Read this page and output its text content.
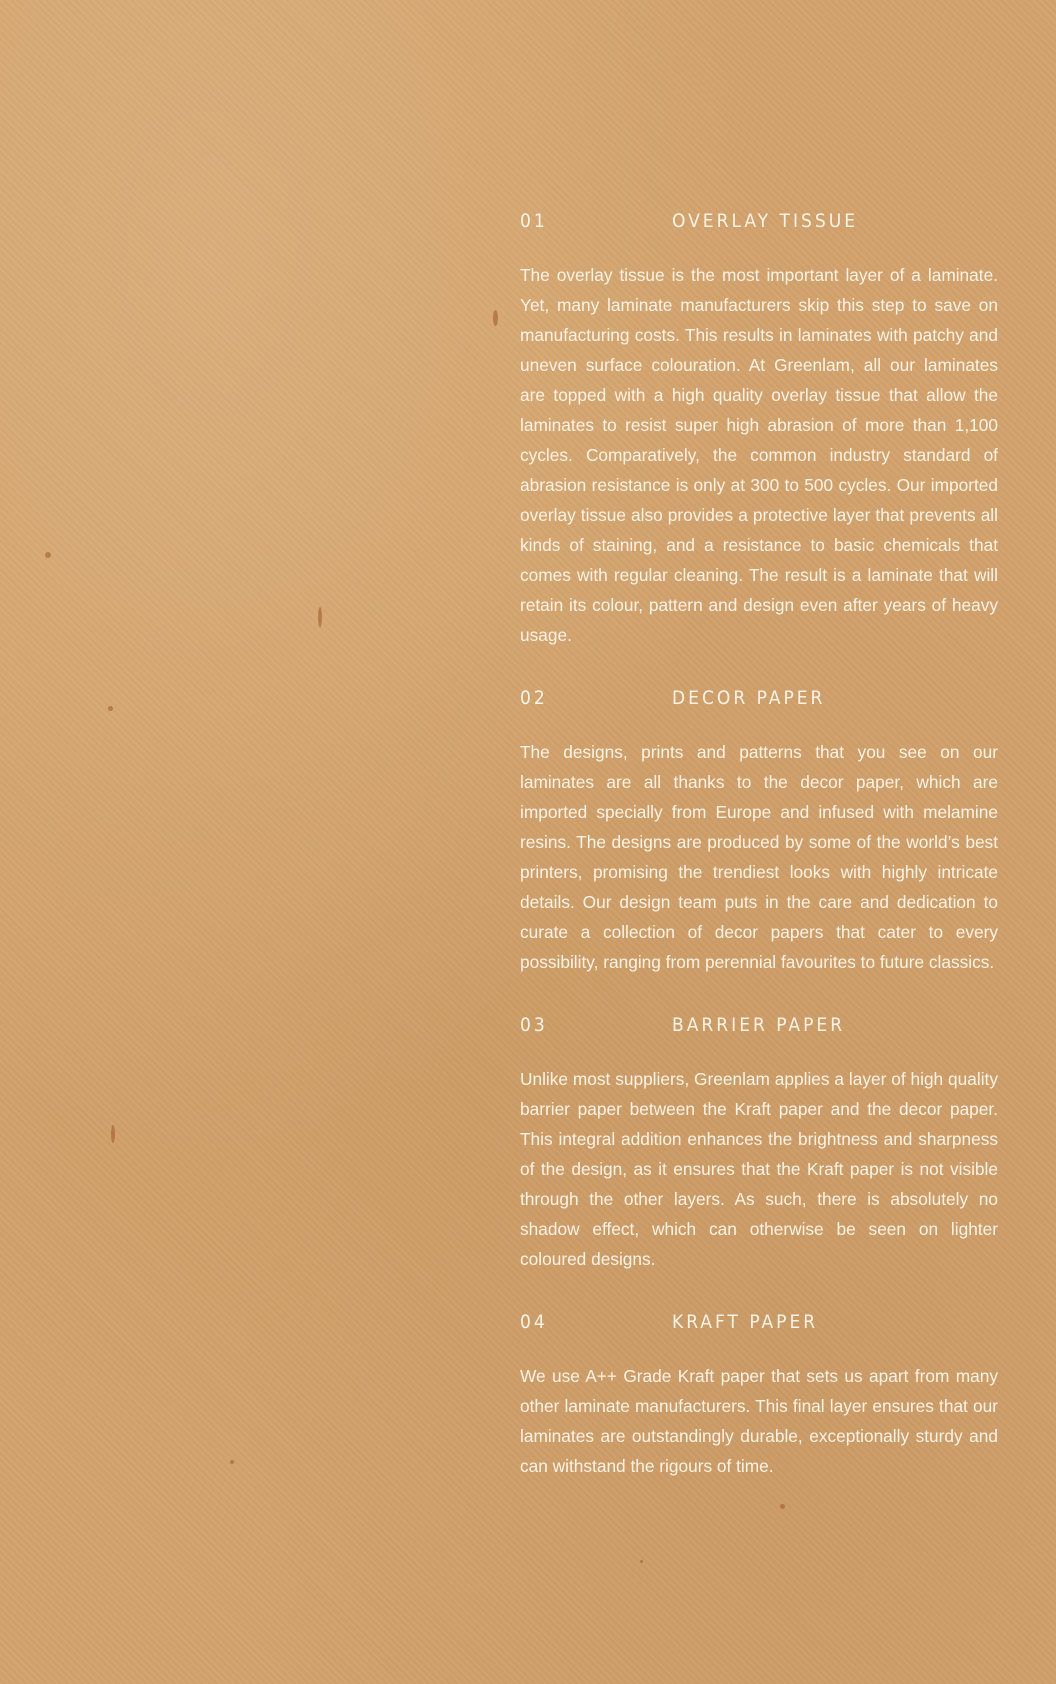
01	OVERLAY TISSUE

The overlay tissue is the most important layer of a laminate. Yet, many laminate manufacturers skip this step to save on manufacturing costs. This results in laminates with patchy and uneven surface colouration. At Greenlam, all our laminates are topped with a high quality overlay tissue that allow the laminates to resist super high abrasion of more than 1,100 cycles. Comparatively, the common industry standard of abrasion resistance is only at 300 to 500 cycles. Our imported overlay tissue also provides a protective layer that prevents all kinds of staining, and a resistance to basic chemicals that comes with regular cleaning. The result is a laminate that will retain its colour, pattern and design even after years of heavy usage.

02	DECOR PAPER

The designs, prints and patterns that you see on our laminates are all thanks to the decor paper, which are imported specially from Europe and infused with melamine resins. The designs are produced by some of the world’s best printers, promising the trendiest looks with highly intricate details. Our design team puts in the care and dedication to curate a collection of decor papers that cater to every possibility, ranging from perennial favourites to future classics.

03	BARRIER PAPER

Unlike most suppliers, Greenlam applies a layer of high quality barrier paper between the Kraft paper and the decor paper. This integral addition enhances the brightness and sharpness of the design, as it ensures that the Kraft paper is not visible through the other layers. As such, there is absolutely no shadow effect, which can otherwise be seen on lighter coloured designs.

04	KRAFT PAPER

We use A++ Grade Kraft paper that sets us apart from many other laminate manufacturers. This final layer ensures that our laminates are outstandingly durable, exceptionally sturdy and can withstand the rigours of time.
